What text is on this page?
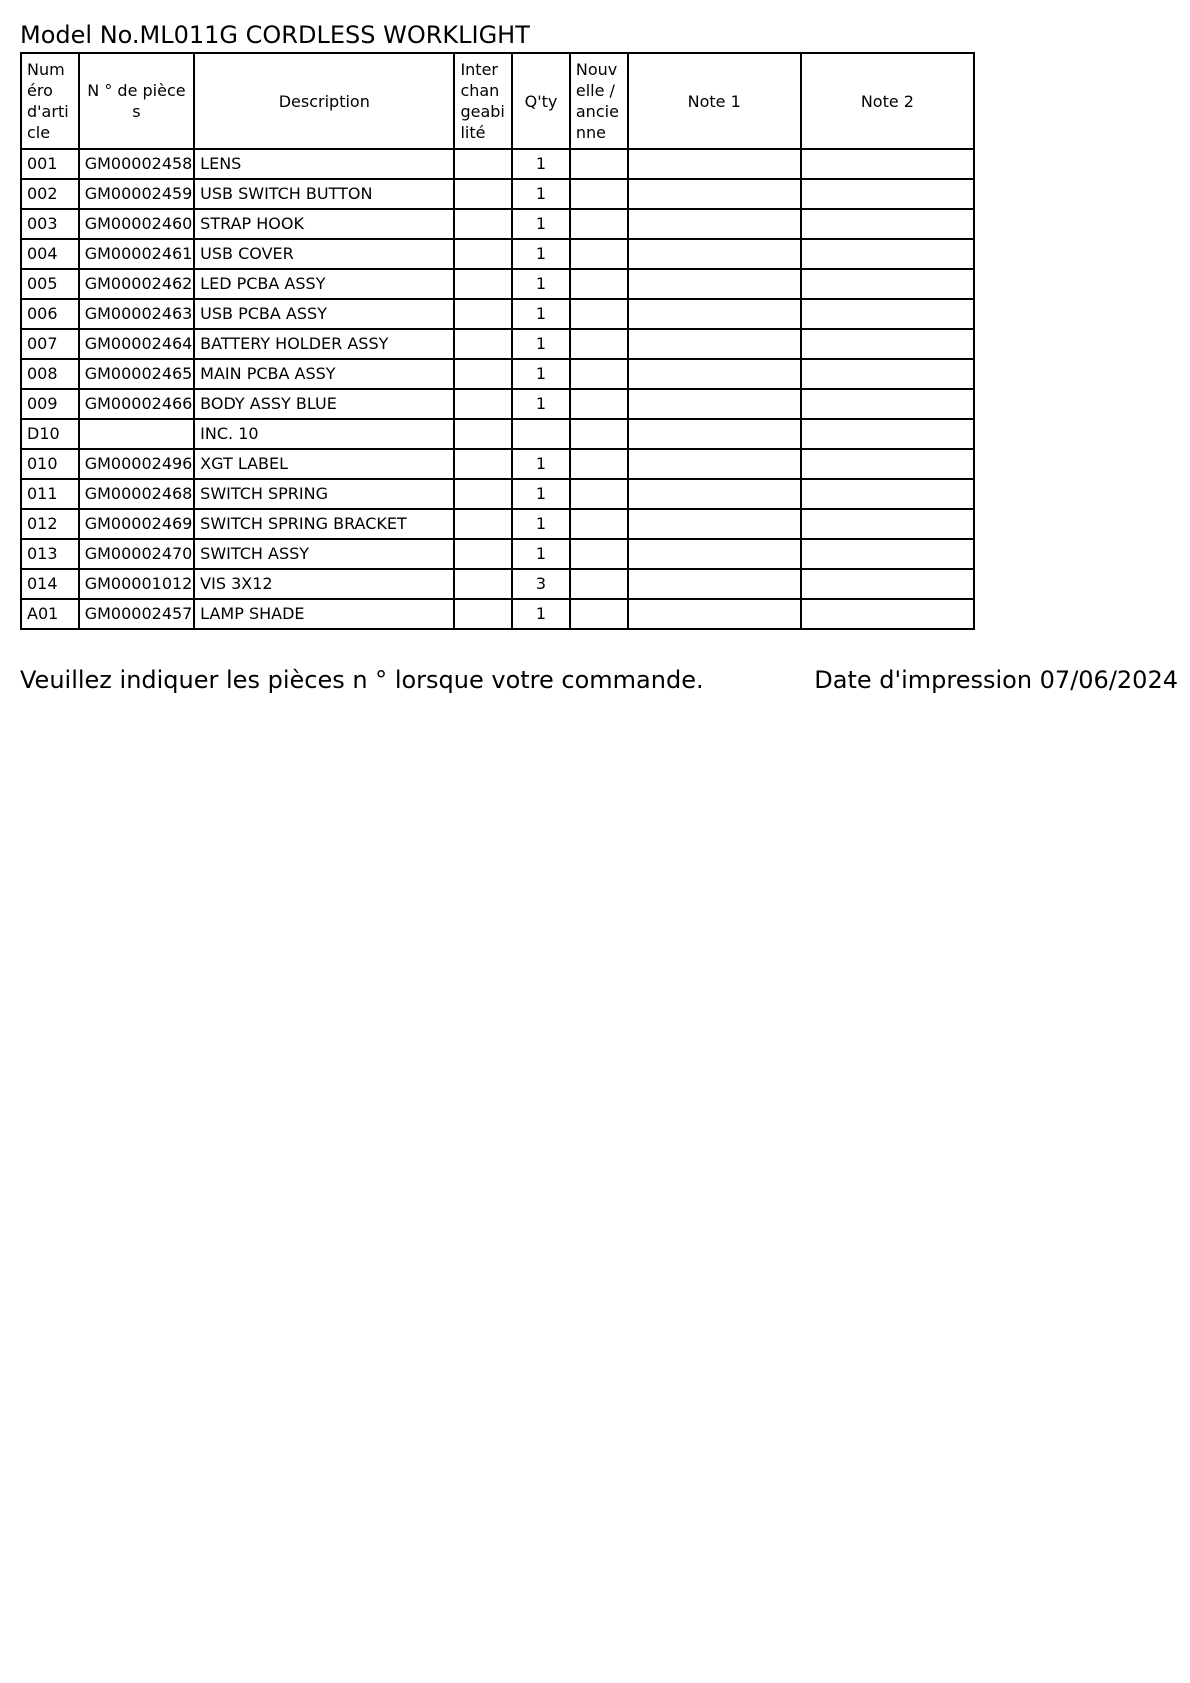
Model No.ML011G CORDLESS WORKLIGHT
Numéro d'article	N ° de pièces	Description	Interchangeabilité	Q'ty	Nouvelle / ancienne	Note 1	Note 2
001	GM00002458	LENS		1			
002	GM00002459	USB SWITCH BUTTON		1			
003	GM00002460	STRAP HOOK		1			
004	GM00002461	USB COVER		1			
005	GM00002462	LED PCBA ASSY		1			
006	GM00002463	USB PCBA ASSY		1			
007	GM00002464	BATTERY HOLDER ASSY		1			
008	GM00002465	MAIN PCBA ASSY		1			
009	GM00002466	BODY ASSY BLUE		1			
D10		INC. 10					
010	GM00002496	XGT LABEL		1			
011	GM00002468	SWITCH SPRING		1			
012	GM00002469	SWITCH SPRING BRACKET		1			
013	GM00002470	SWITCH ASSY		1			
014	GM00001012	VIS 3X12		3			
A01	GM00002457	LAMP SHADE		1			
Veuillez indiquer les pièces n ° lorsque votre commande.	Date d'impression 07/06/2024
